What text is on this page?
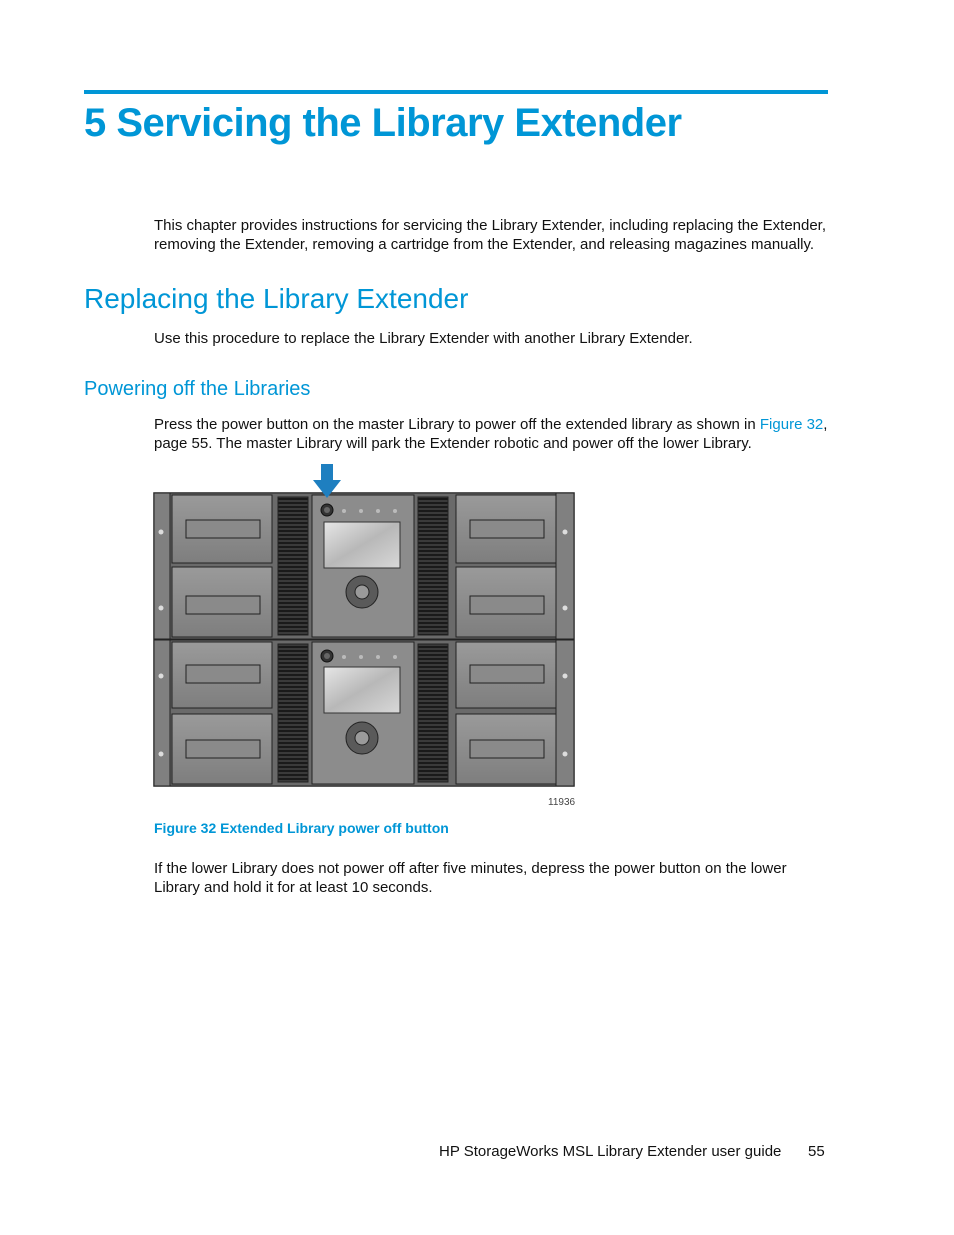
5 Servicing the Library Extender

This chapter provides instructions for servicing the Library Extender, including replacing the Extender, removing the Extender, removing a cartridge from the Extender, and releasing magazines manually.

Replacing the Library Extender

Use this procedure to replace the Library Extender with another Library Extender.

Powering off the Libraries

Press the power button on the master Library to power off the extended library as shown in Figure 32, page 55. The master Library will park the Extender robotic and power off the lower Library.

11936

Figure 32 Extended Library power off button

If the lower Library does not power off after five minutes, depress the power button on the lower Library and hold it for at least 10 seconds.

HP StorageWorks MSL Library Extender user guide 55
